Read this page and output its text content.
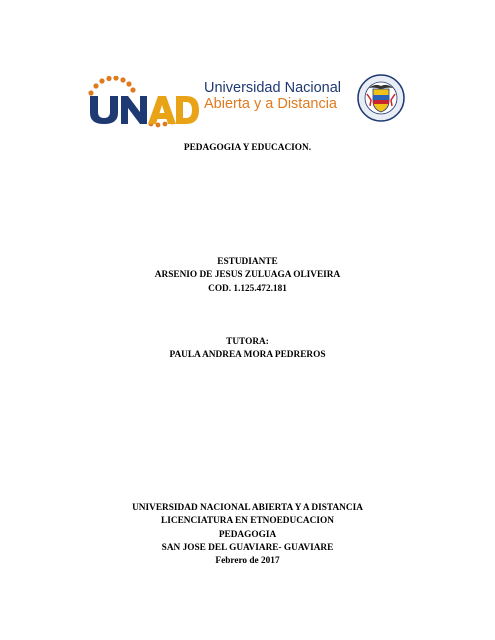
Universidad Nacional
Abierta y a Distancia
PEDAGOGIA Y EDUCACION.
ESTUDIANTE
ARSENIO DE JESUS ZULUAGA OLIVEIRA
COD. 1.125.472.181
TUTORA:
PAULA ANDREA MORA PEDREROS
UNIVERSIDAD NACIONAL ABIERTA Y A DISTANCIA
LICENCIATURA EN ETNOEDUCACION
PEDAGOGIA
SAN JOSE DEL GUAVIARE- GUAVIARE
Febrero de 2017
